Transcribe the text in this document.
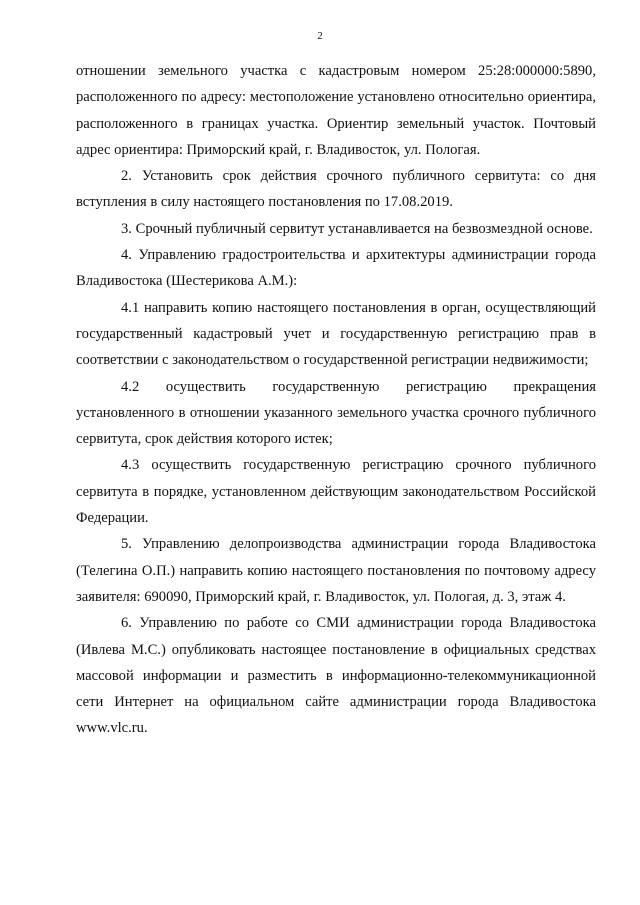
2

отношении земельного участка с кадастровым номером 25:28:000000:5890, расположенного по адресу: местоположение установлено относительно ориентира, расположенного в границах участка. Ориентир земельный участок. Почтовый адрес ориентира: Приморский край, г. Владивосток, ул. Пологая.

2. Установить срок действия срочного публичного сервитута: со дня вступления в силу настоящего постановления по 17.08.2019.

3. Срочный публичный сервитут устанавливается на безвозмездной основе.

4. Управлению градостроительства и архитектуры администрации города Владивостока (Шестерикова А.М.):

4.1 направить копию настоящего постановления в орган, осуществляющий государственный кадастровый учет и государственную регистрацию прав в соответствии с законодательством о государственной регистрации недвижимости;

4.2 осуществить государственную регистрацию прекращения установленного в отношении указанного земельного участка срочного публичного сервитута, срок действия которого истек;

4.3 осуществить государственную регистрацию срочного публичного сервитута в порядке, установленном действующим законодательством Российской Федерации.

5. Управлению делопроизводства администрации города Владивостока (Телегина О.П.) направить копию настоящего постановления по почтовому адресу заявителя: 690090, Приморский край, г. Владивосток, ул. Пологая, д. 3, этаж 4.

6. Управлению по работе со СМИ администрации города Владивостока (Ивлева М.С.) опубликовать настоящее постановление в официальных средствах массовой информации и разместить в информационно-телекоммуникационной сети Интернет на официальном сайте администрации города Владивостока www.vlc.ru.
